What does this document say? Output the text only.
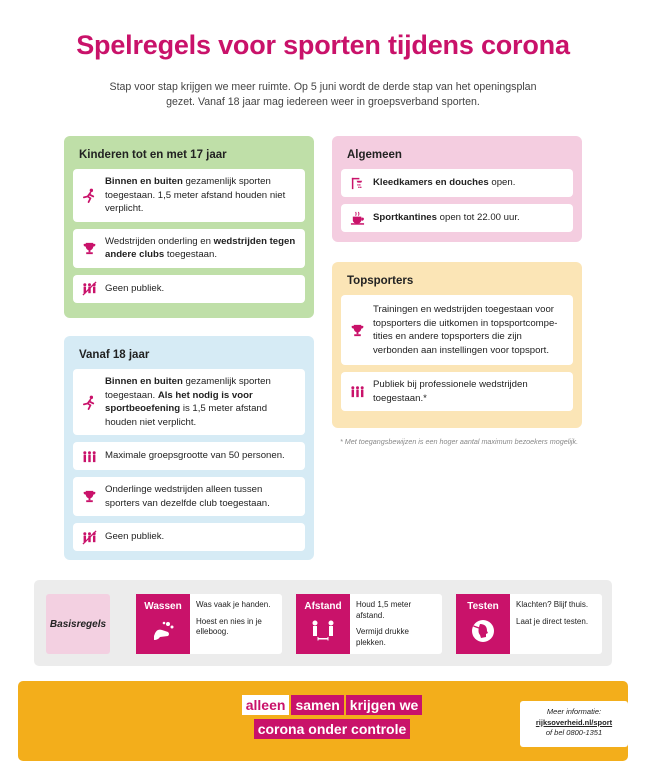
Spelregels voor sporten tijdens corona

Stap voor stap krijgen we meer ruimte. Op 5 juni wordt de derde stap van het openingsplan gezet. Vanaf 18 jaar mag iedereen weer in groepsverband sporten.

Kinderen tot en met 17 jaar
Binnen en buiten gezamenlijk sporten toegestaan. 1,5 meter afstand houden niet verplicht.
Wedstrijden onderling en wedstrijden tegen andere clubs toegestaan.
Geen publiek.
Vanaf 18 jaar
Binnen en buiten gezamenlijk sporten toegestaan. Als het nodig is voor sportbeoefening is 1,5 meter afstand houden niet verplicht.
Maximale groepsgrootte van 50 personen.
Onderlinge wedstrijden alleen tussen sporters van dezelfde club toegestaan.
Geen publiek.
Algemeen
Kleedkamers en douches open.
Sportkantines open tot 22.00 uur.
Topsporters
Trainingen en wedstrijden toegestaan voor topsporters die uitkomen in topsportcompe-tities en andere topsporters die zijn verbonden aan instellingen voor topsport.
Publiek bij professionele wedstrijden toegestaan.*
* Met toegangsbewijzen is een hoger aantal maximum bezoekers mogelijk.
Basisregels
Wassen	Was vaak je handen.

Hoest en nies in je elleboog.

Afstand	Houd 1,5 meter afstand.

Vermijd drukke plekken.

Testen	Klachten? Blijf thuis.

Laat je direct testen.

alleen samen krijgen we
corona onder controle
Meer informatie:
rijksoverheid.nl/sport
of bel 0800-1351
